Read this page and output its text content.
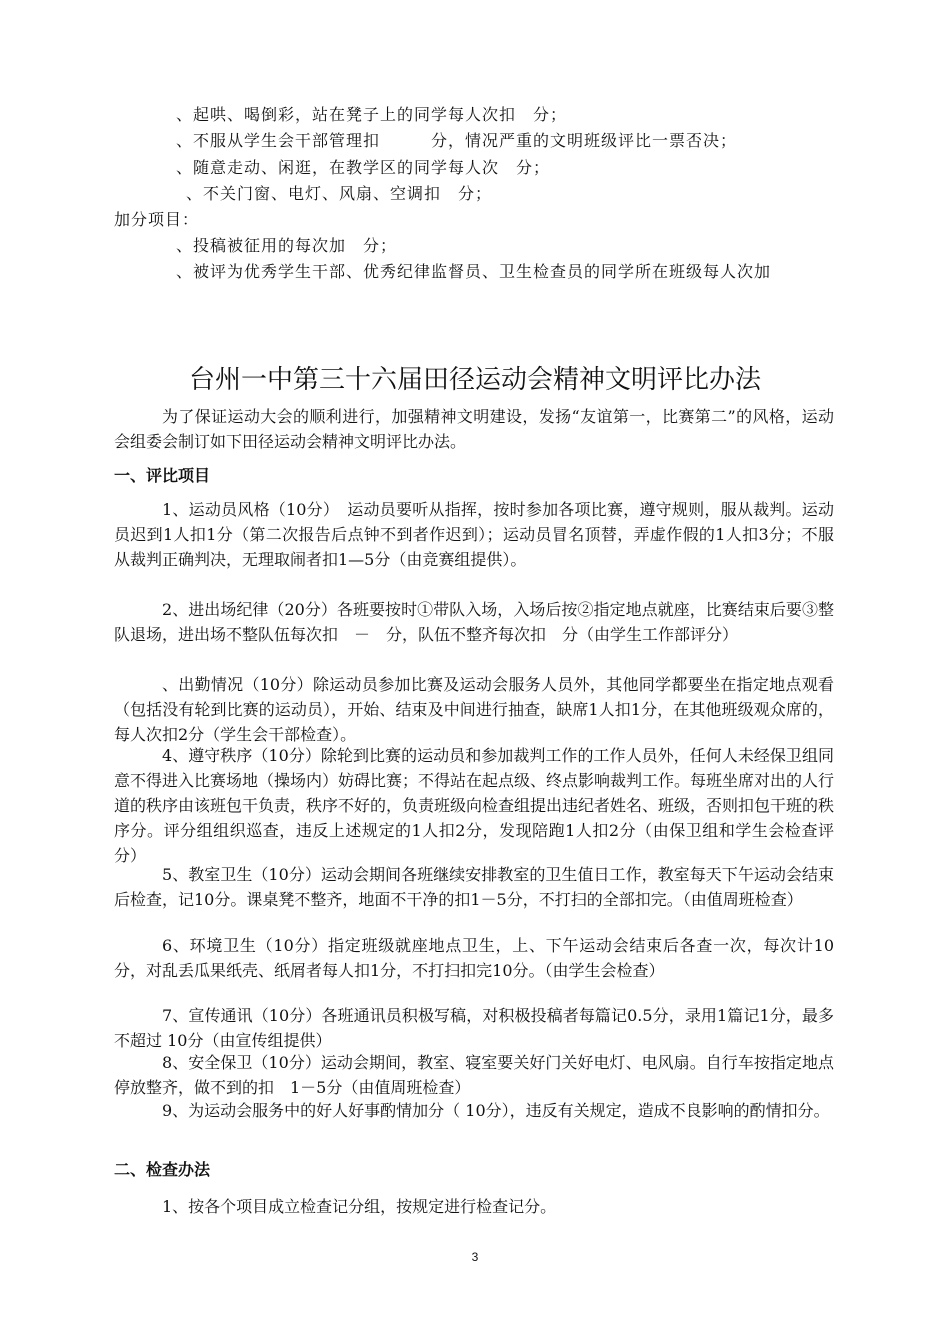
、起哄、喝倒彩，站在凳子上的同学每人次扣　分；
、不服从学生会干部管理扣　　　分，情况严重的文明班级评比一票否决；
、随意走动、闲逛，在教学区的同学每人次　分；
、不关门窗、电灯、风扇、空调扣　分；
加分项目：
、投稿被征用的每次加　分；
、被评为优秀学生干部、优秀纪律监督员、卫生检查员的同学所在班级每人次加
台州一中第三十六届田径运动会精神文明评比办法
为了保证运动大会的顺利进行，加强精神文明建设，发扬“友谊第一，比赛第二”的风格，运动会组委会制订如下田径运动会精神文明评比办法。
一、评比项目
1、运动员风格（10分）　运动员要听从指挥，按时参加各项比赛，遵守规则，服从裁判。运动员迟到1人扣1分（第二次报告后点钟不到者作迟到）；运动员冒名顶替，弄虚作假的1人扣3分；不服从裁判正确判决，无理取闹者扣1—5分（由竞赛组提供）。
2、进出场纪律（20分）各班要按时①带队入场，入场后按②指定地点就座，比赛结束后要③整队退场，进出场不整队伍每次扣　－　分，队伍不整齐每次扣　分（由学生工作部评分）
、出勤情况（10分）除运动员参加比赛及运动会服务人员外，其他同学都要坐在指定地点观看（包括没有轮到比赛的运动员），开始、结束及中间进行抽查，缺席1人扣1分，在其他班级观众席的，每人次扣2分（学生会干部检查）。
4、遵守秩序（10分）除轮到比赛的运动员和参加裁判工作的工作人员外，任何人未经保卫组同意不得进入比赛场地（操场内）妨碍比赛；不得站在起点级、终点影响裁判工作。每班坐席对出的人行道的秩序由该班包干负责，秩序不好的，负责班级向检查组提出违纪者姓名、班级，否则扣包干班的秩序分。评分组组织巡查，违反上述规定的1人扣2分，发现陪跑1人扣2分（由保卫组和学生会检查评分）
5、教室卫生（10分）运动会期间各班继续安排教室的卫生值日工作，教室每天下午运动会结束后检查，记10分。课桌凳不整齐，地面不干净的扣1－5分，不打扫的全部扣完。（由值周班检查）
6、环境卫生（10分）指定班级就座地点卫生，上、下午运动会结束后各查一次，每次计10分，对乱丢瓜果纸壳、纸屑者每人扣1分，不打扫扣完10分。（由学生会检查）
7、宣传通讯（10分）各班通讯员积极写稿，对积极投稿者每篇记0.5分，录用1篇记1分，最多不超过 10分（由宣传组提供）
8、安全保卫（10分）运动会期间，教室、寝室要关好门关好电灯、电风扇。自行车按指定地点停放整齐，做不到的扣　1－5分（由值周班检查）
9、为运动会服务中的好人好事酌情加分（ 10分），违反有关规定，造成不良影响的酌情扣分。
二、检查办法
1、按各个项目成立检查记分组，按规定进行检查记分。
3
